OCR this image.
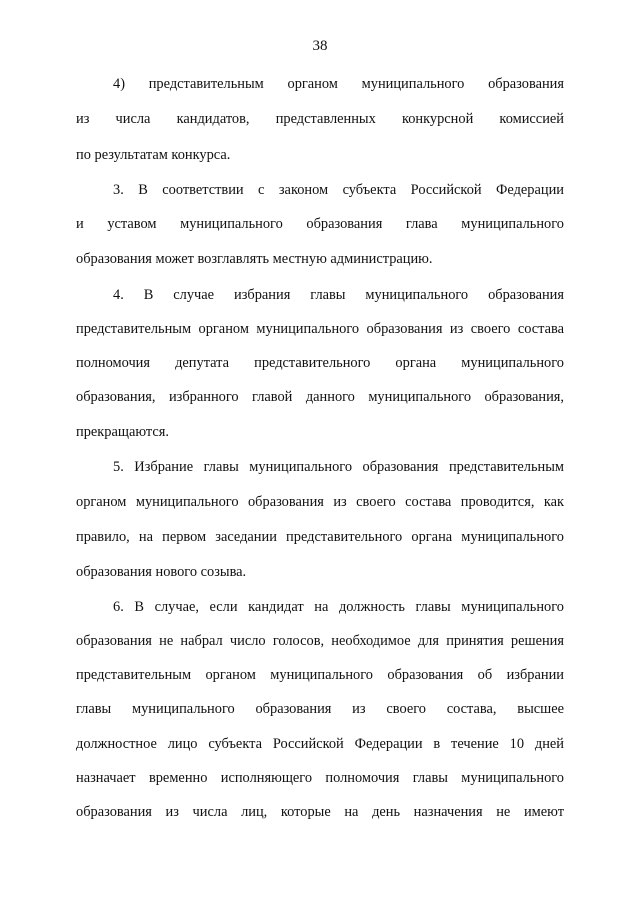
38
4) представительным органом муниципального образования
из числа кандидатов, представленных конкурсной комиссией
по результатам конкурса.
3. В соответствии с законом субъекта Российской Федерации
и уставом муниципального образования глава муниципального
образования может возглавлять местную администрацию.
4. В случае избрания главы муниципального образования
представительным органом муниципального образования из своего состава
полномочия депутата представительного органа муниципального
образования, избранного главой данного муниципального образования,
прекращаются.
5. Избрание главы муниципального образования представительным
органом муниципального образования из своего состава проводится, как
правило, на первом заседании представительного органа муниципального
образования нового созыва.
6. В случае, если кандидат на должность главы муниципального
образования не набрал число голосов, необходимое для принятия решения
представительным органом муниципального образования об избрании
главы муниципального образования из своего состава, высшее
должностное лицо субъекта Российской Федерации в течение 10 дней
назначает временно исполняющего полномочия главы муниципального
образования из числа лиц, которые на день назначения не имеют
